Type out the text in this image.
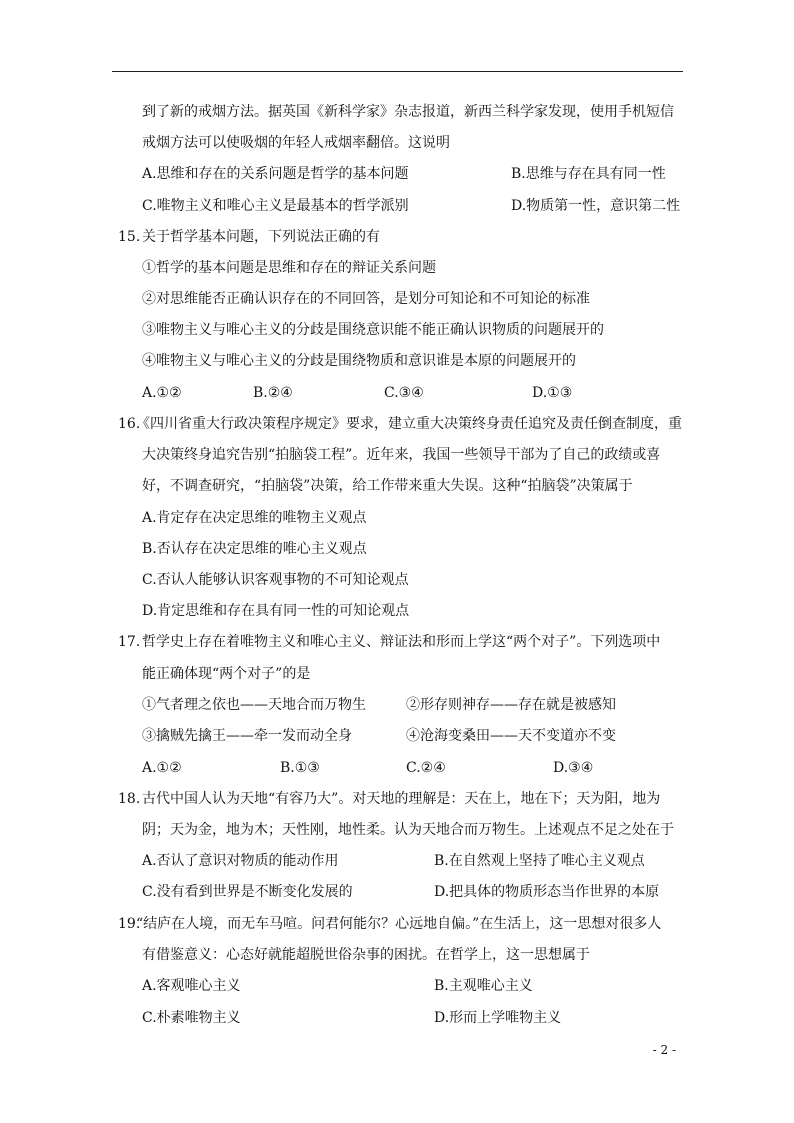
到了新的戒烟方法。据英国《新科学家》杂志报道，新西兰科学家发现，使用手机短信
戒烟方法可以使吸烟的年轻人戒烟率翻倍。这说明
A.思维和存在的关系问题是哲学的基本问题	B.思维与存在具有同一性
C.唯物主义和唯心主义是最基本的哲学派别	D.物质第一性，意识第二性
15. 关于哲学基本问题，下列说法正确的有
①哲学的基本问题是思维和存在的辩证关系问题
②对思维能否正确认识存在的不同回答，是划分可知论和不可知论的标准
③唯物主义与唯心主义的分歧是围绕意识能不能正确认识物质的问题展开的
④唯物主义与唯心主义的分歧是围绕物质和意识谁是本原的问题展开的
A.①②	B.②④	C.③④	D.①③
16.
《四川省重大行政决策程序规定》要求，建立重大决策终身责任追究及责任倒查制度，重
大决策终身追究告别“拍脑袋工程”。近年来，我国一些领导干部为了自己的政绩或喜
好，不调查研究，“拍脑袋”决策，给工作带来重大失误。这种“拍脑袋”决策属于
A.肯定存在决定思维的唯物主义观点
B.否认存在决定思维的唯心主义观点
C.否认人能够认识客观事物的不可知论观点
D.肯定思维和存在具有同一性的可知论观点
17. 哲学史上存在着唯物主义和唯心主义、辩证法和形而上学这“两个对子”。下列选项中
能正确体现“两个对子”的是
①气者理之依也——天地合而万物生	②形存则神存——存在就是被感知
③擒贼先擒王——牵一发而动全身	④沧海变桑田——天不变道亦不变
A.①②	B.①③	C.②④	D.③④
18. 古代中国人认为天地“有容乃大”。对天地的理解是：天在上，地在下；天为阳，地为
阴；天为金，地为木；天性刚，地性柔。认为天地合而万物生。上述观点不足之处在于
A.否认了意识对物质的能动作用	B.在自然观上坚持了唯心主义观点
C.没有看到世界是不断变化发展的	D.把具体的物质形态当作世界的本原
19.
“结庐在人境，而无车马喧。问君何能尔？心远地自偏。”在生活上，这一思想对很多人
有借鉴意义：心态好就能超脱世俗杂事的困扰。在哲学上，这一思想属于
A.客观唯心主义	B.主观唯心主义
C.朴素唯物主义	D.形而上学唯物主义
- 2 -
